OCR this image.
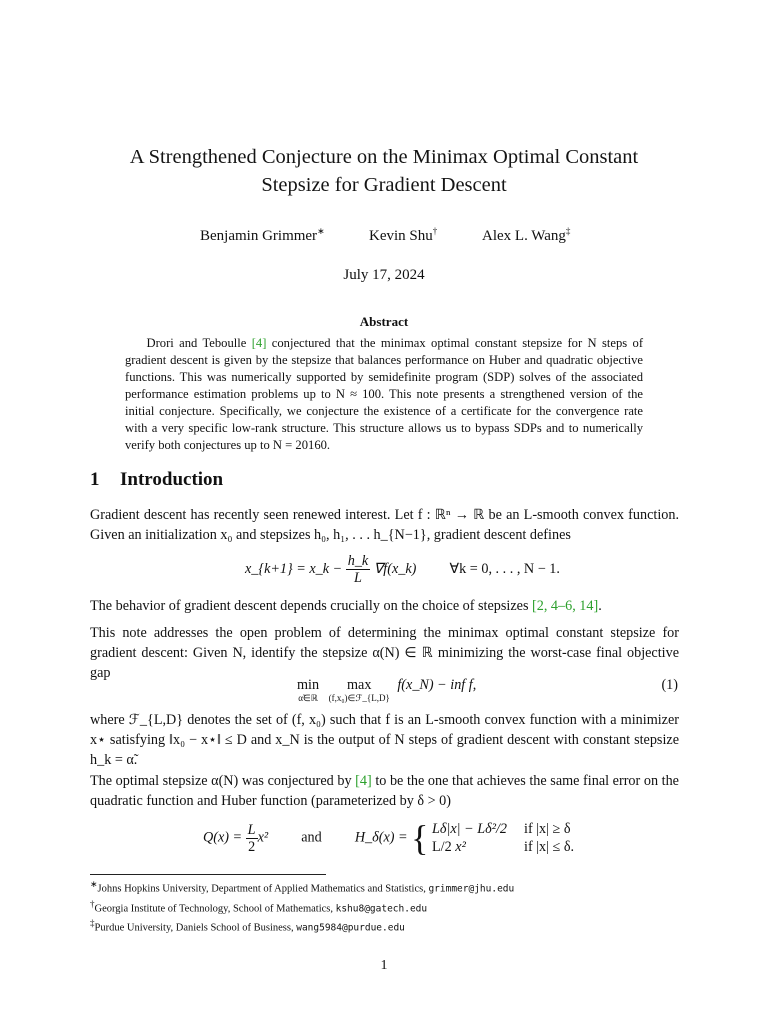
A Strengthened Conjecture on the Minimax Optimal Constant
Stepsize for Gradient Descent
Benjamin Grimmer∗	Kevin Shu†	Alex L. Wang‡
July 17, 2024
Abstract
Drori and Teboulle [4] conjectured that the minimax optimal constant stepsize for N steps of gradient descent is given by the stepsize that balances performance on Huber and quadratic objective functions. This was numerically supported by semidefinite program (SDP) solves of the associated performance estimation problems up to N ≈ 100. This note presents a strengthened version of the initial conjecture. Specifically, we conjecture the existence of a certificate for the convergence rate with a very specific low-rank structure. This structure allows us to bypass SDPs and to numerically verify both conjectures up to N = 20160.
1 Introduction
Gradient descent has recently seen renewed interest. Let f : ℝⁿ → ℝ be an L-smooth convex function. Given an initialization x₀ and stepsizes h₀, h₁, . . . h_{N−1}, gradient descent defines
x_{k+1} = x_k − $\frac{h\_k}{L}$ ∇f(x_k) ∀k = 0, . . . , N − 1.
The behavior of gradient descent depends crucially on the choice of stepsizes [2, 4–6, 14].
This note addresses the open problem of determining the minimax optimal constant stepsize for gradient descent: Given N, identify the stepsize α(N) ∈ ℝ minimizing the worst-case final objective gap
min

α̃∈ℝ
max

(f,x₀)∈ℱ_{L,D}
f(x_N) − inf f,	(1)
where ℱ_{L,D} denotes the set of (f, x₀) such that f is an L-smooth convex function with a minimizer x⋆ satisfying ‖x₀ − x⋆‖ ≤ D and x_N is the output of N steps of gradient descent with constant stepsize h_k = α̃.
The optimal stepsize α(N) was conjectured by [4] to be the one that achieves the same final error on the quadratic function and Huber function (parameterized by δ > 0)
$Q(x) = \frac{L}{2} x^2$ and H_δ(x) = { Lδ|x| − Lδ²/2 if |x| ≥ δ
L/2 x²	if |x| ≤ δ.
∗Johns Hopkins University, Department of Applied Mathematics and Statistics, grimmer@jhu.edu
†Georgia Institute of Technology, School of Mathematics, kshu8@gatech.edu
‡Purdue University, Daniels School of Business, wang5984@purdue.edu
1
